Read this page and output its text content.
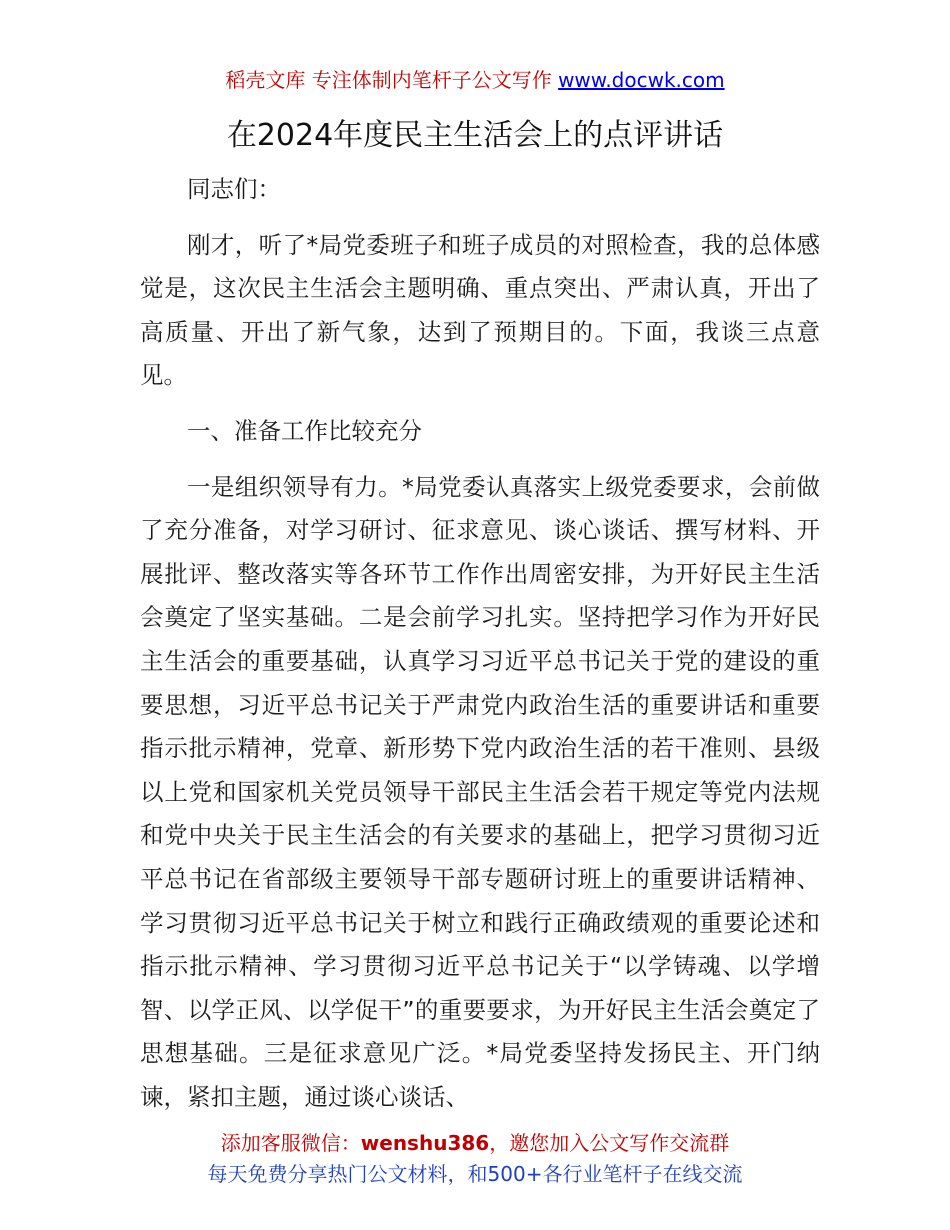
稻壳文库 专注体制内笔杆子公文写作 www.docwk.com
在2024年度民主生活会上的点评讲话

同志们：

刚才，听了*局党委班子和班子成员的对照检查，我的总体感觉是，这次民主生活会主题明确、重点突出、严肃认真，开出了高质量、开出了新气象，达到了预期目的。下面，我谈三点意见。

一、准备工作比较充分

一是组织领导有力。*局党委认真落实上级党委要求，会前做了充分准备，对学习研讨、征求意见、谈心谈话、撰写材料、开展批评、整改落实等各环节工作作出周密安排，为开好民主生活会奠定了坚实基础。二是会前学习扎实。坚持把学习作为开好民主生活会的重要基础，认真学习习近平总书记关于党的建设的重要思想，习近平总书记关于严肃党内政治生活的重要讲话和重要指示批示精神，党章、新形势下党内政治生活的若干准则、县级以上党和国家机关党员领导干部民主生活会若干规定等党内法规和党中央关于民主生活会的有关要求的基础上，把学习贯彻习近平总书记在省部级主要领导干部专题研讨班上的重要讲话精神、学习贯彻习近平总书记关于树立和践行正确政绩观的重要论述和指示批示精神、学习贯彻习近平总书记关于“以学铸魂、以学增智、以学正风、以学促干”的重要要求，为开好民主生活会奠定了思想基础。三是征求意见广泛。*局党委坚持发扬民主、开门纳谏，紧扣主题，通过谈心谈话、

添加客服微信：wenshu386，邀您加入公文写作交流群
每天免费分享热门公文材料，和500+各行业笔杆子在线交流
